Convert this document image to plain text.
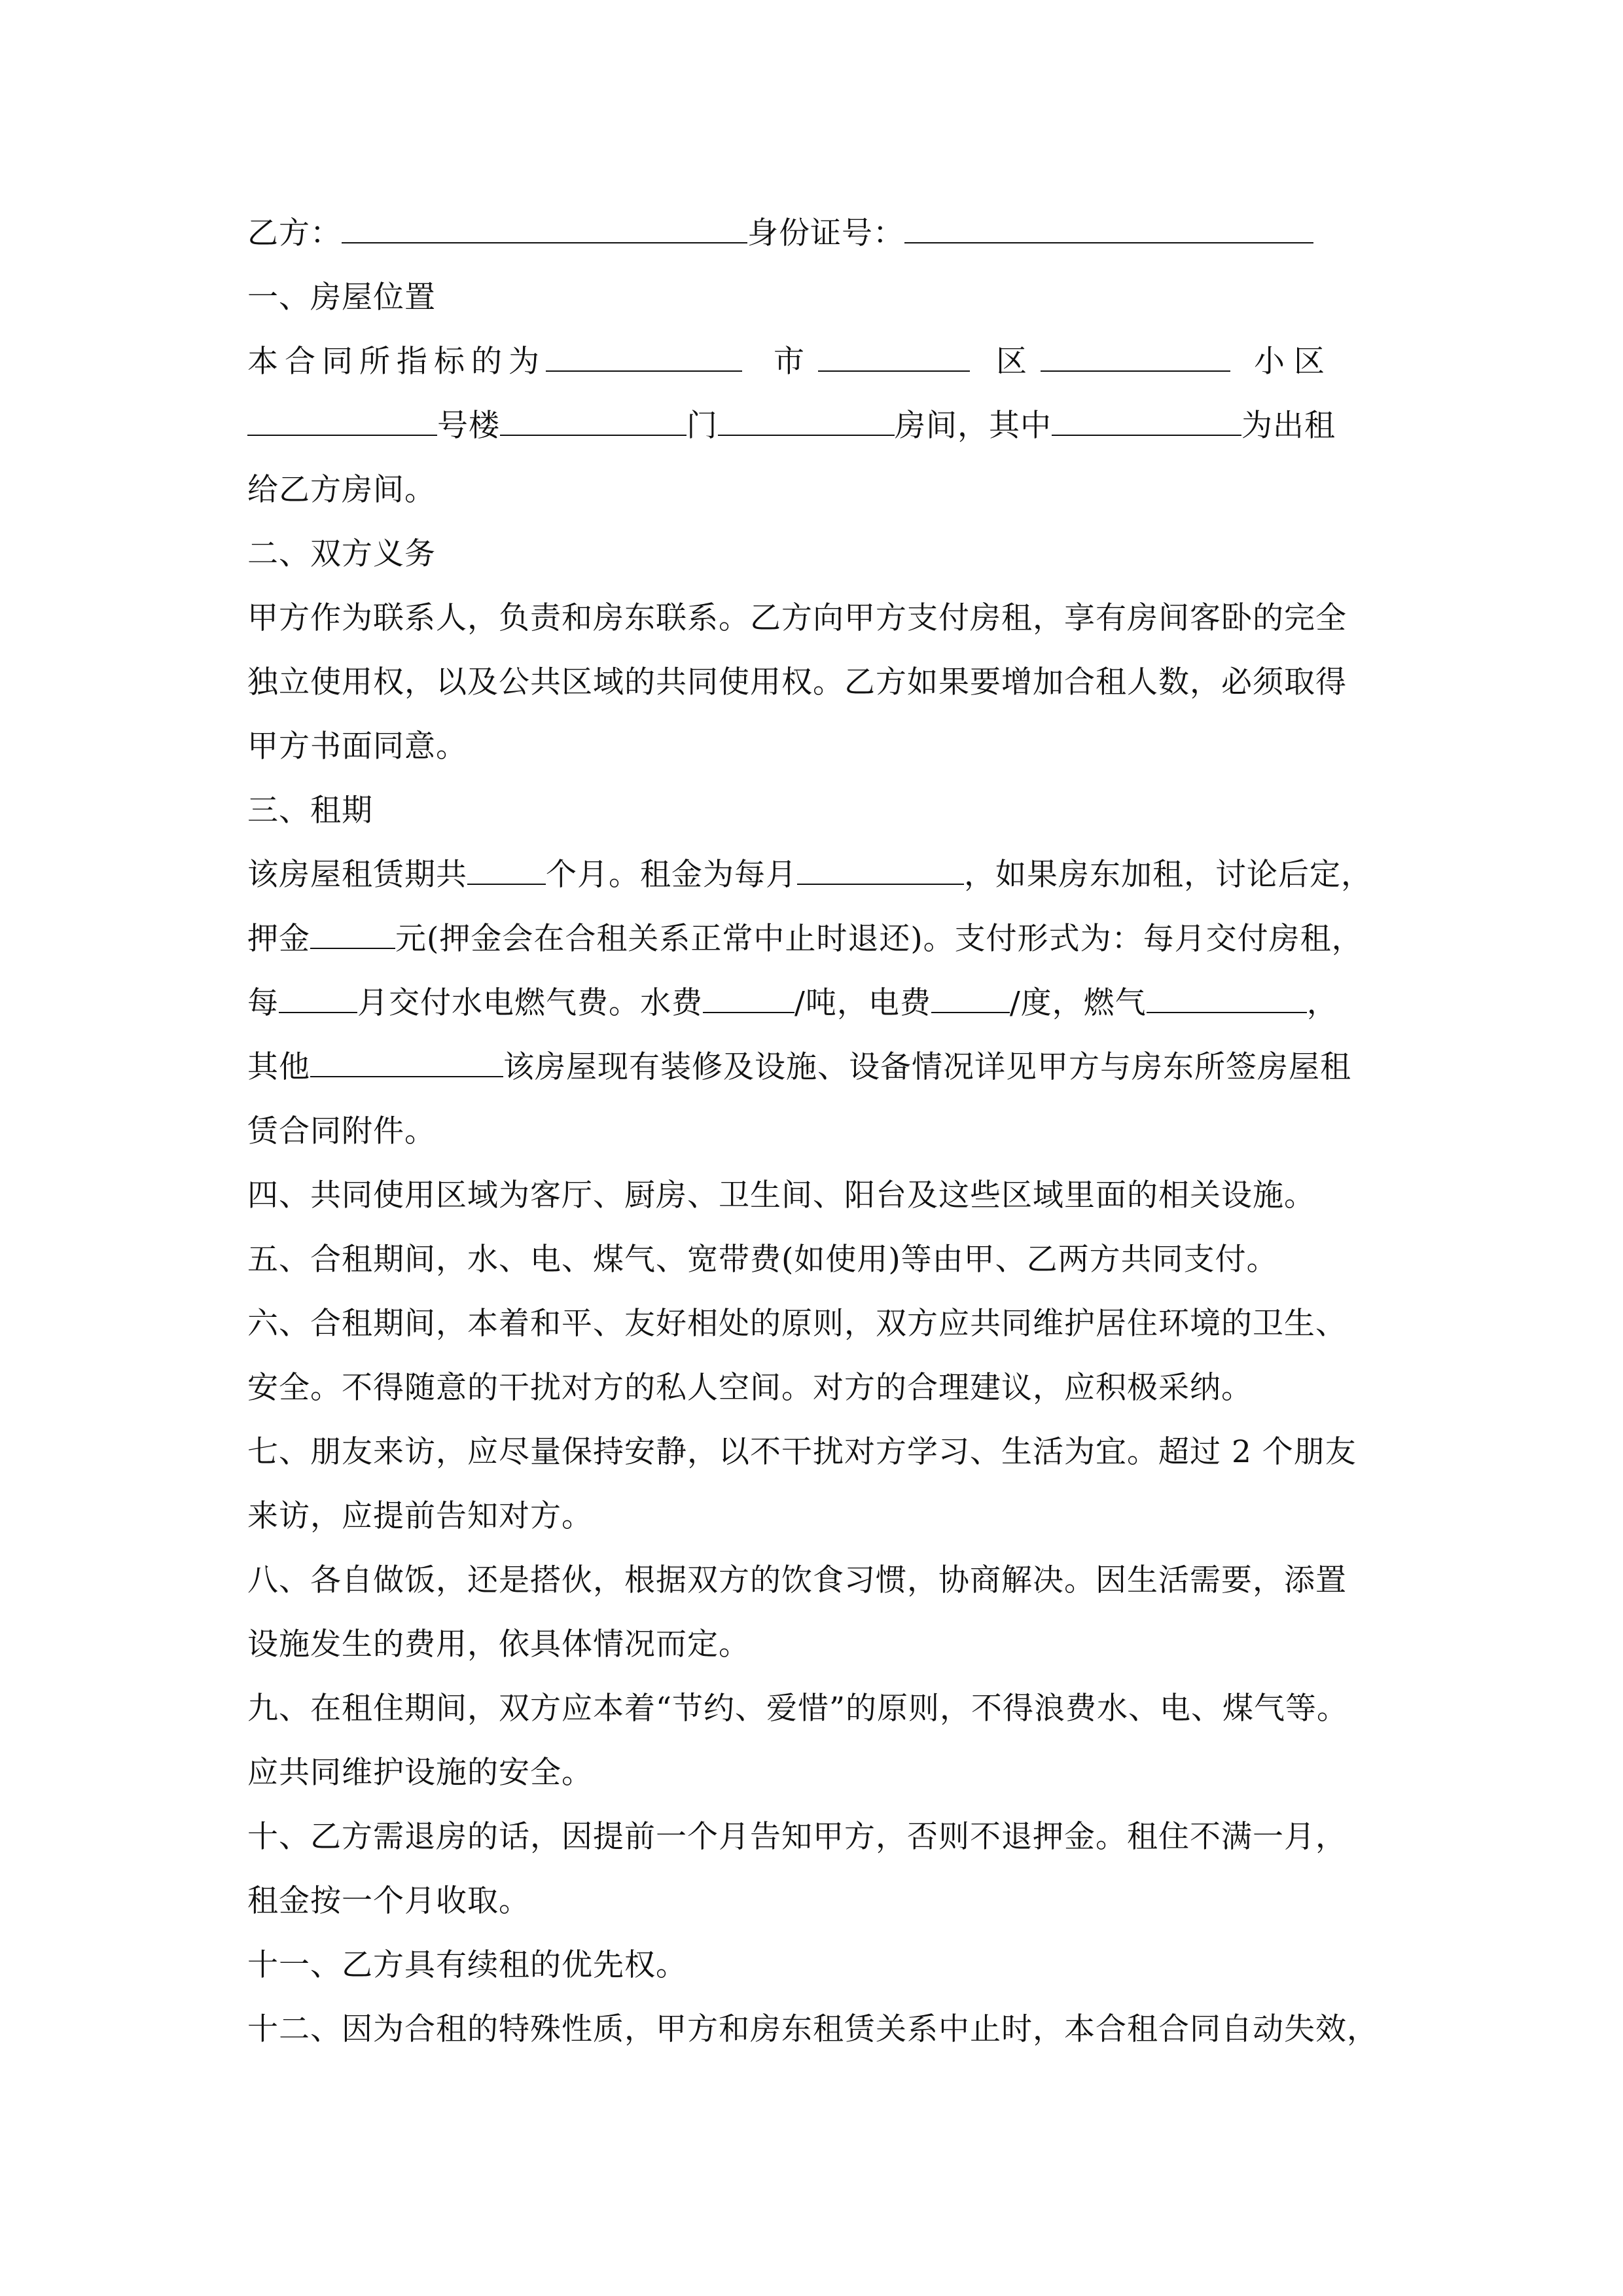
乙方：	身份证号：
一、房屋位置
本合同所指标的为	市	区	小区
号楼	门	房间，其中	为出租
给乙方房间。
二、双方义务
甲方作为联系人，负责和房东联系。乙方向甲方支付房租，享有房间客卧的完全
独立使用权，以及公共区域的共同使用权。乙方如果要增加合租人数，必须取得
甲方书面同意。
三、租期
该房屋租赁期共	个月。租金为每月	，如果房东加租，讨论后定，
押金	元(押金会在合租关系正常中止时退还)。支付形式为：每月交付房租，
每	月交付水电燃气费。水费	/吨，电费	/度，燃气	，
其他	该房屋现有装修及设施、设备情况详见甲方与房东所签房屋租
赁合同附件。
四、共同使用区域为客厅、厨房、卫生间、阳台及这些区域里面的相关设施。
五、合租期间，水、电、煤气、宽带费(如使用)等由甲、乙两方共同支付。
六、合租期间，本着和平、友好相处的原则，双方应共同维护居住环境的卫生、
安全。不得随意的干扰对方的私人空间。对方的合理建议，应积极采纳。
七、朋友来访，应尽量保持安静，以不干扰对方学习、生活为宜。超过 2 个朋友
来访，应提前告知对方。
八、各自做饭，还是搭伙，根据双方的饮食习惯，协商解决。因生活需要，添置
设施发生的费用，依具体情况而定。
九、在租住期间，双方应本着“节约、爱惜”的原则，不得浪费水、电、煤气等。
应共同维护设施的安全。
十、乙方需退房的话，因提前一个月告知甲方，否则不退押金。租住不满一月，
租金按一个月收取。
十一、乙方具有续租的优先权。
十二、因为合租的特殊性质，甲方和房东租赁关系中止时，本合租合同自动失效，
